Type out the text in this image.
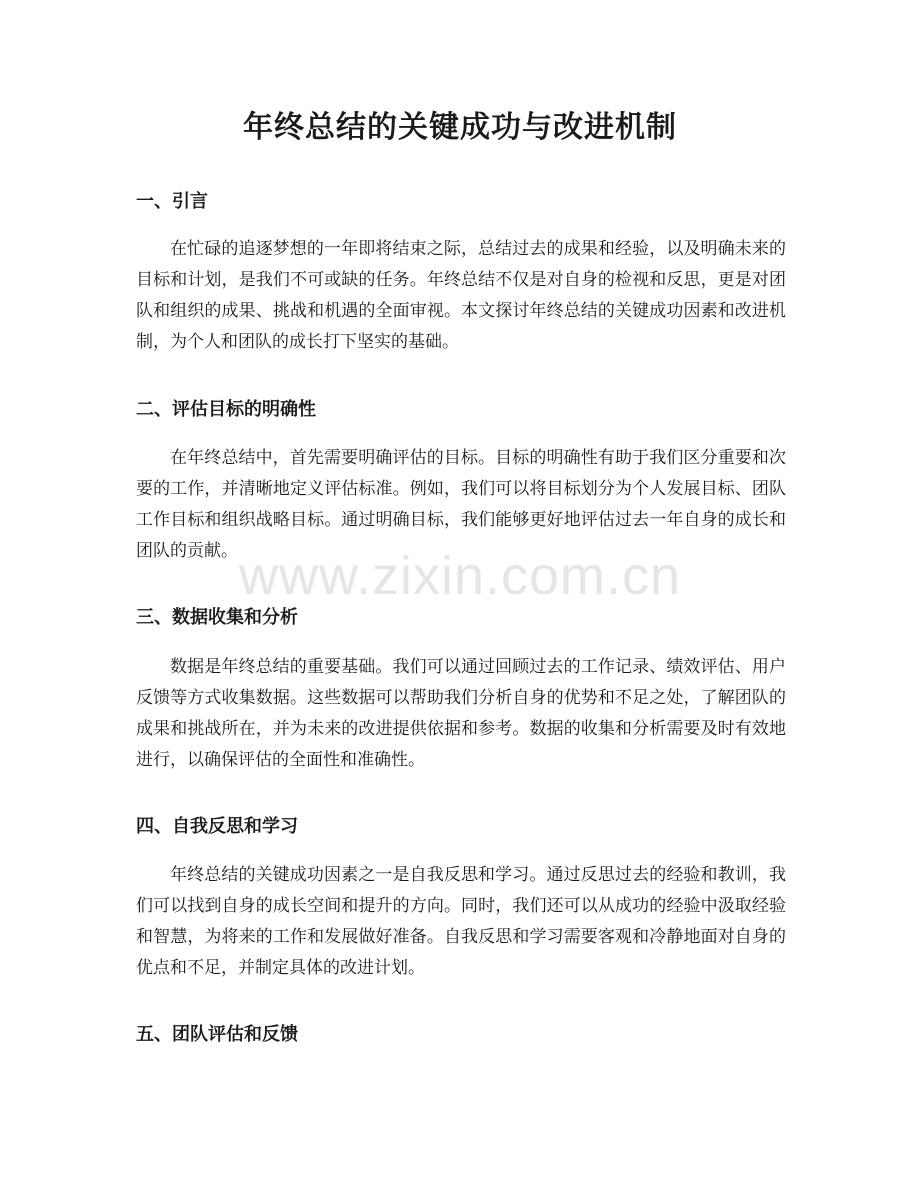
年终总结的关键成功与改进机制
一、引言

在忙碌的追逐梦想的一年即将结束之际，总结过去的成果和经验，以及明确未来的目标和计划，是我们不可或缺的任务。年终总结不仅是对自身的检视和反思，更是对团队和组织的成果、挑战和机遇的全面审视。本文探讨年终总结的关键成功因素和改进机制，为个人和团队的成长打下坚实的基础。

二、评估目标的明确性

在年终总结中，首先需要明确评估的目标。目标的明确性有助于我们区分重要和次要的工作，并清晰地定义评估标准。例如，我们可以将目标划分为个人发展目标、团队工作目标和组织战略目标。通过明确目标，我们能够更好地评估过去一年自身的成长和团队的贡献。

三、数据收集和分析

数据是年终总结的重要基础。我们可以通过回顾过去的工作记录、绩效评估、用户反馈等方式收集数据。这些数据可以帮助我们分析自身的优势和不足之处，了解团队的成果和挑战所在，并为未来的改进提供依据和参考。数据的收集和分析需要及时有效地进行，以确保评估的全面性和准确性。

四、自我反思和学习

年终总结的关键成功因素之一是自我反思和学习。通过反思过去的经验和教训，我们可以找到自身的成长空间和提升的方向。同时，我们还可以从成功的经验中汲取经验和智慧，为将来的工作和发展做好准备。自我反思和学习需要客观和冷静地面对自身的优点和不足，并制定具体的改进计划。

五、团队评估和反馈
www.zixin.com.cn
